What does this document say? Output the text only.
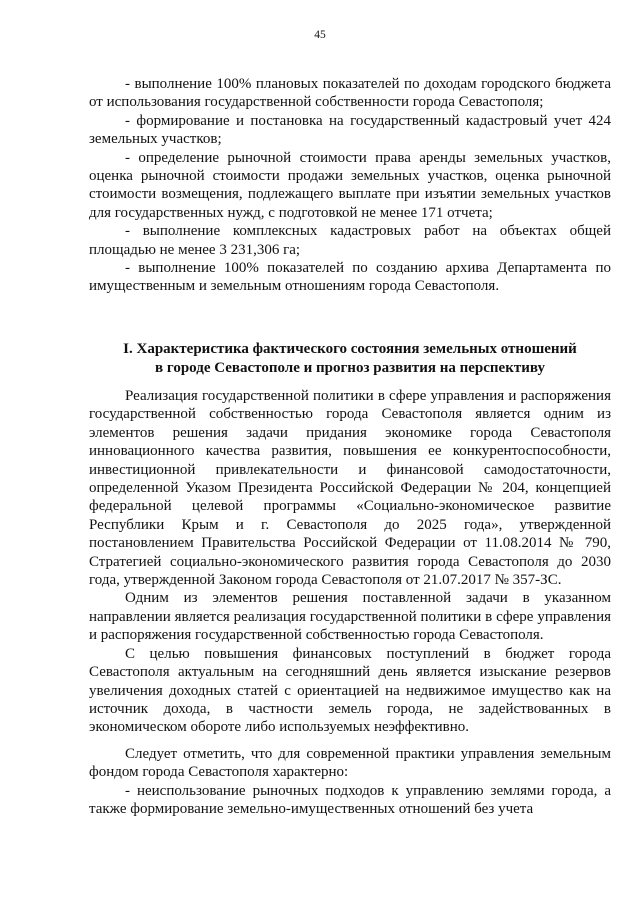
45

- выполнение 100% плановых показателей по доходам городского бюджета от использования государственной собственности города Севастополя;

- формирование и постановка на государственный кадастровый учет 424 земельных участков;

- определение рыночной стоимости права аренды земельных участков, оценка рыночной стоимости продажи земельных участков, оценка рыночной стоимости возмещения, подлежащего выплате при изъятии земельных участков для государственных нужд, с подготовкой не менее 171 отчета;

- выполнение комплексных кадастровых работ на объектах общей площадью не менее 3 231,306 га;

- выполнение 100% показателей по созданию архива Департамента по имущественным и земельным отношениям города Севастополя.

I. Характеристика фактического состояния земельных отношений
в городе Севастополе и прогноз развития на перспективу

Реализация государственной политики в сфере управления и распоряжения государственной собственностью города Севастополя является одним из элементов решения задачи придания экономике города Севастополя инновационного качества развития, повышения ее конкурентоспособности, инвестиционной привлекательности и финансовой самодостаточности, определенной Указом Президента Российской Федерации № 204, концепцией федеральной целевой программы «Социально-экономическое развитие Республики Крым и г. Севастополя до 2025 года», утвержденной постановлением Правительства Российской Федерации от 11.08.2014 № 790, Стратегией социально-экономического развития города Севастополя до 2030 года, утвержденной Законом города Севастополя от 21.07.2017 № 357-ЗС.

Одним из элементов решения поставленной задачи в указанном направлении является реализация государственной политики в сфере управления и распоряжения государственной собственностью города Севастополя.

С целью повышения финансовых поступлений в бюджет города Севастополя актуальным на сегодняшний день является изыскание резервов увеличения доходных статей с ориентацией на недвижимое имущество как на источник дохода, в частности земель города, не задействованных в экономическом обороте либо используемых неэффективно.

Следует отметить, что для современной практики управления земельным фондом города Севастополя характерно:

- неиспользование рыночных подходов к управлению землями города, а также формирование земельно-имущественных отношений без учета
